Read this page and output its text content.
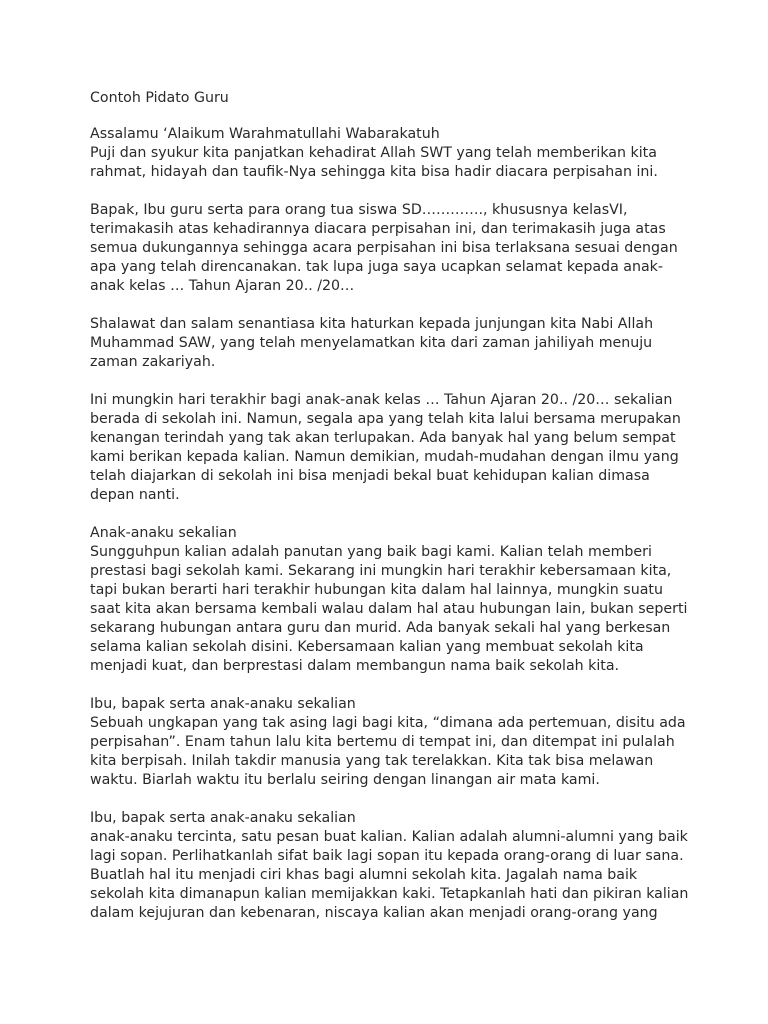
Contoh Pidato Guru
Assalamu ‘Alaikum Warahmatullahi Wabarakatuh
Puji dan syukur kita panjatkan kehadirat Allah SWT yang telah memberikan kita
rahmat, hidayah dan taufik-Nya sehingga kita bisa hadir diacara perpisahan ini.
Bapak, Ibu guru serta para orang tua siswa SD…………., khususnya kelasVI,
terimakasih atas kehadirannya diacara perpisahan ini, dan terimakasih juga atas
semua dukungannya sehingga acara perpisahan ini bisa terlaksana sesuai dengan
apa yang telah direncanakan. tak lupa juga saya ucapkan selamat kepada anak-
anak kelas … Tahun Ajaran 20.. /20…
Shalawat dan salam senantiasa kita haturkan kepada junjungan kita Nabi Allah
Muhammad SAW, yang telah menyelamatkan kita dari zaman jahiliyah menuju
zaman zakariyah.
Ini mungkin hari terakhir bagi anak-anak kelas … Tahun Ajaran 20.. /20… sekalian
berada di sekolah ini. Namun, segala apa yang telah kita lalui bersama merupakan
kenangan terindah yang tak akan terlupakan. Ada banyak hal yang belum sempat
kami berikan kepada kalian. Namun demikian, mudah-mudahan dengan ilmu yang
telah diajarkan di sekolah ini bisa menjadi bekal buat kehidupan kalian dimasa
depan nanti.
Anak-anaku sekalian
Sungguhpun kalian adalah panutan yang baik bagi kami. Kalian telah memberi
prestasi bagi sekolah kami. Sekarang ini mungkin hari terakhir kebersamaan kita,
tapi bukan berarti hari terakhir hubungan kita dalam hal lainnya, mungkin suatu
saat kita akan bersama kembali walau dalam hal atau hubungan lain, bukan seperti
sekarang hubungan antara guru dan murid. Ada banyak sekali hal yang berkesan
selama kalian sekolah disini. Kebersamaan kalian yang membuat sekolah kita
menjadi kuat, dan berprestasi dalam membangun nama baik sekolah kita.
Ibu, bapak serta anak-anaku sekalian
Sebuah ungkapan yang tak asing lagi bagi kita, “dimana ada pertemuan, disitu ada
perpisahan”. Enam tahun lalu kita bertemu di tempat ini, dan ditempat ini pulalah
kita berpisah. Inilah takdir manusia yang tak terelakkan. Kita tak bisa melawan
waktu. Biarlah waktu itu berlalu seiring dengan linangan air mata kami.
Ibu, bapak serta anak-anaku sekalian
anak-anaku tercinta, satu pesan buat kalian. Kalian adalah alumni-alumni yang baik
lagi sopan. Perlihatkanlah sifat baik lagi sopan itu kepada orang-orang di luar sana.
Buatlah hal itu menjadi ciri khas bagi alumni sekolah kita. Jagalah nama baik
sekolah kita dimanapun kalian memijakkan kaki. Tetapkanlah hati dan pikiran kalian
dalam kejujuran dan kebenaran, niscaya kalian akan menjadi orang-orang yang
